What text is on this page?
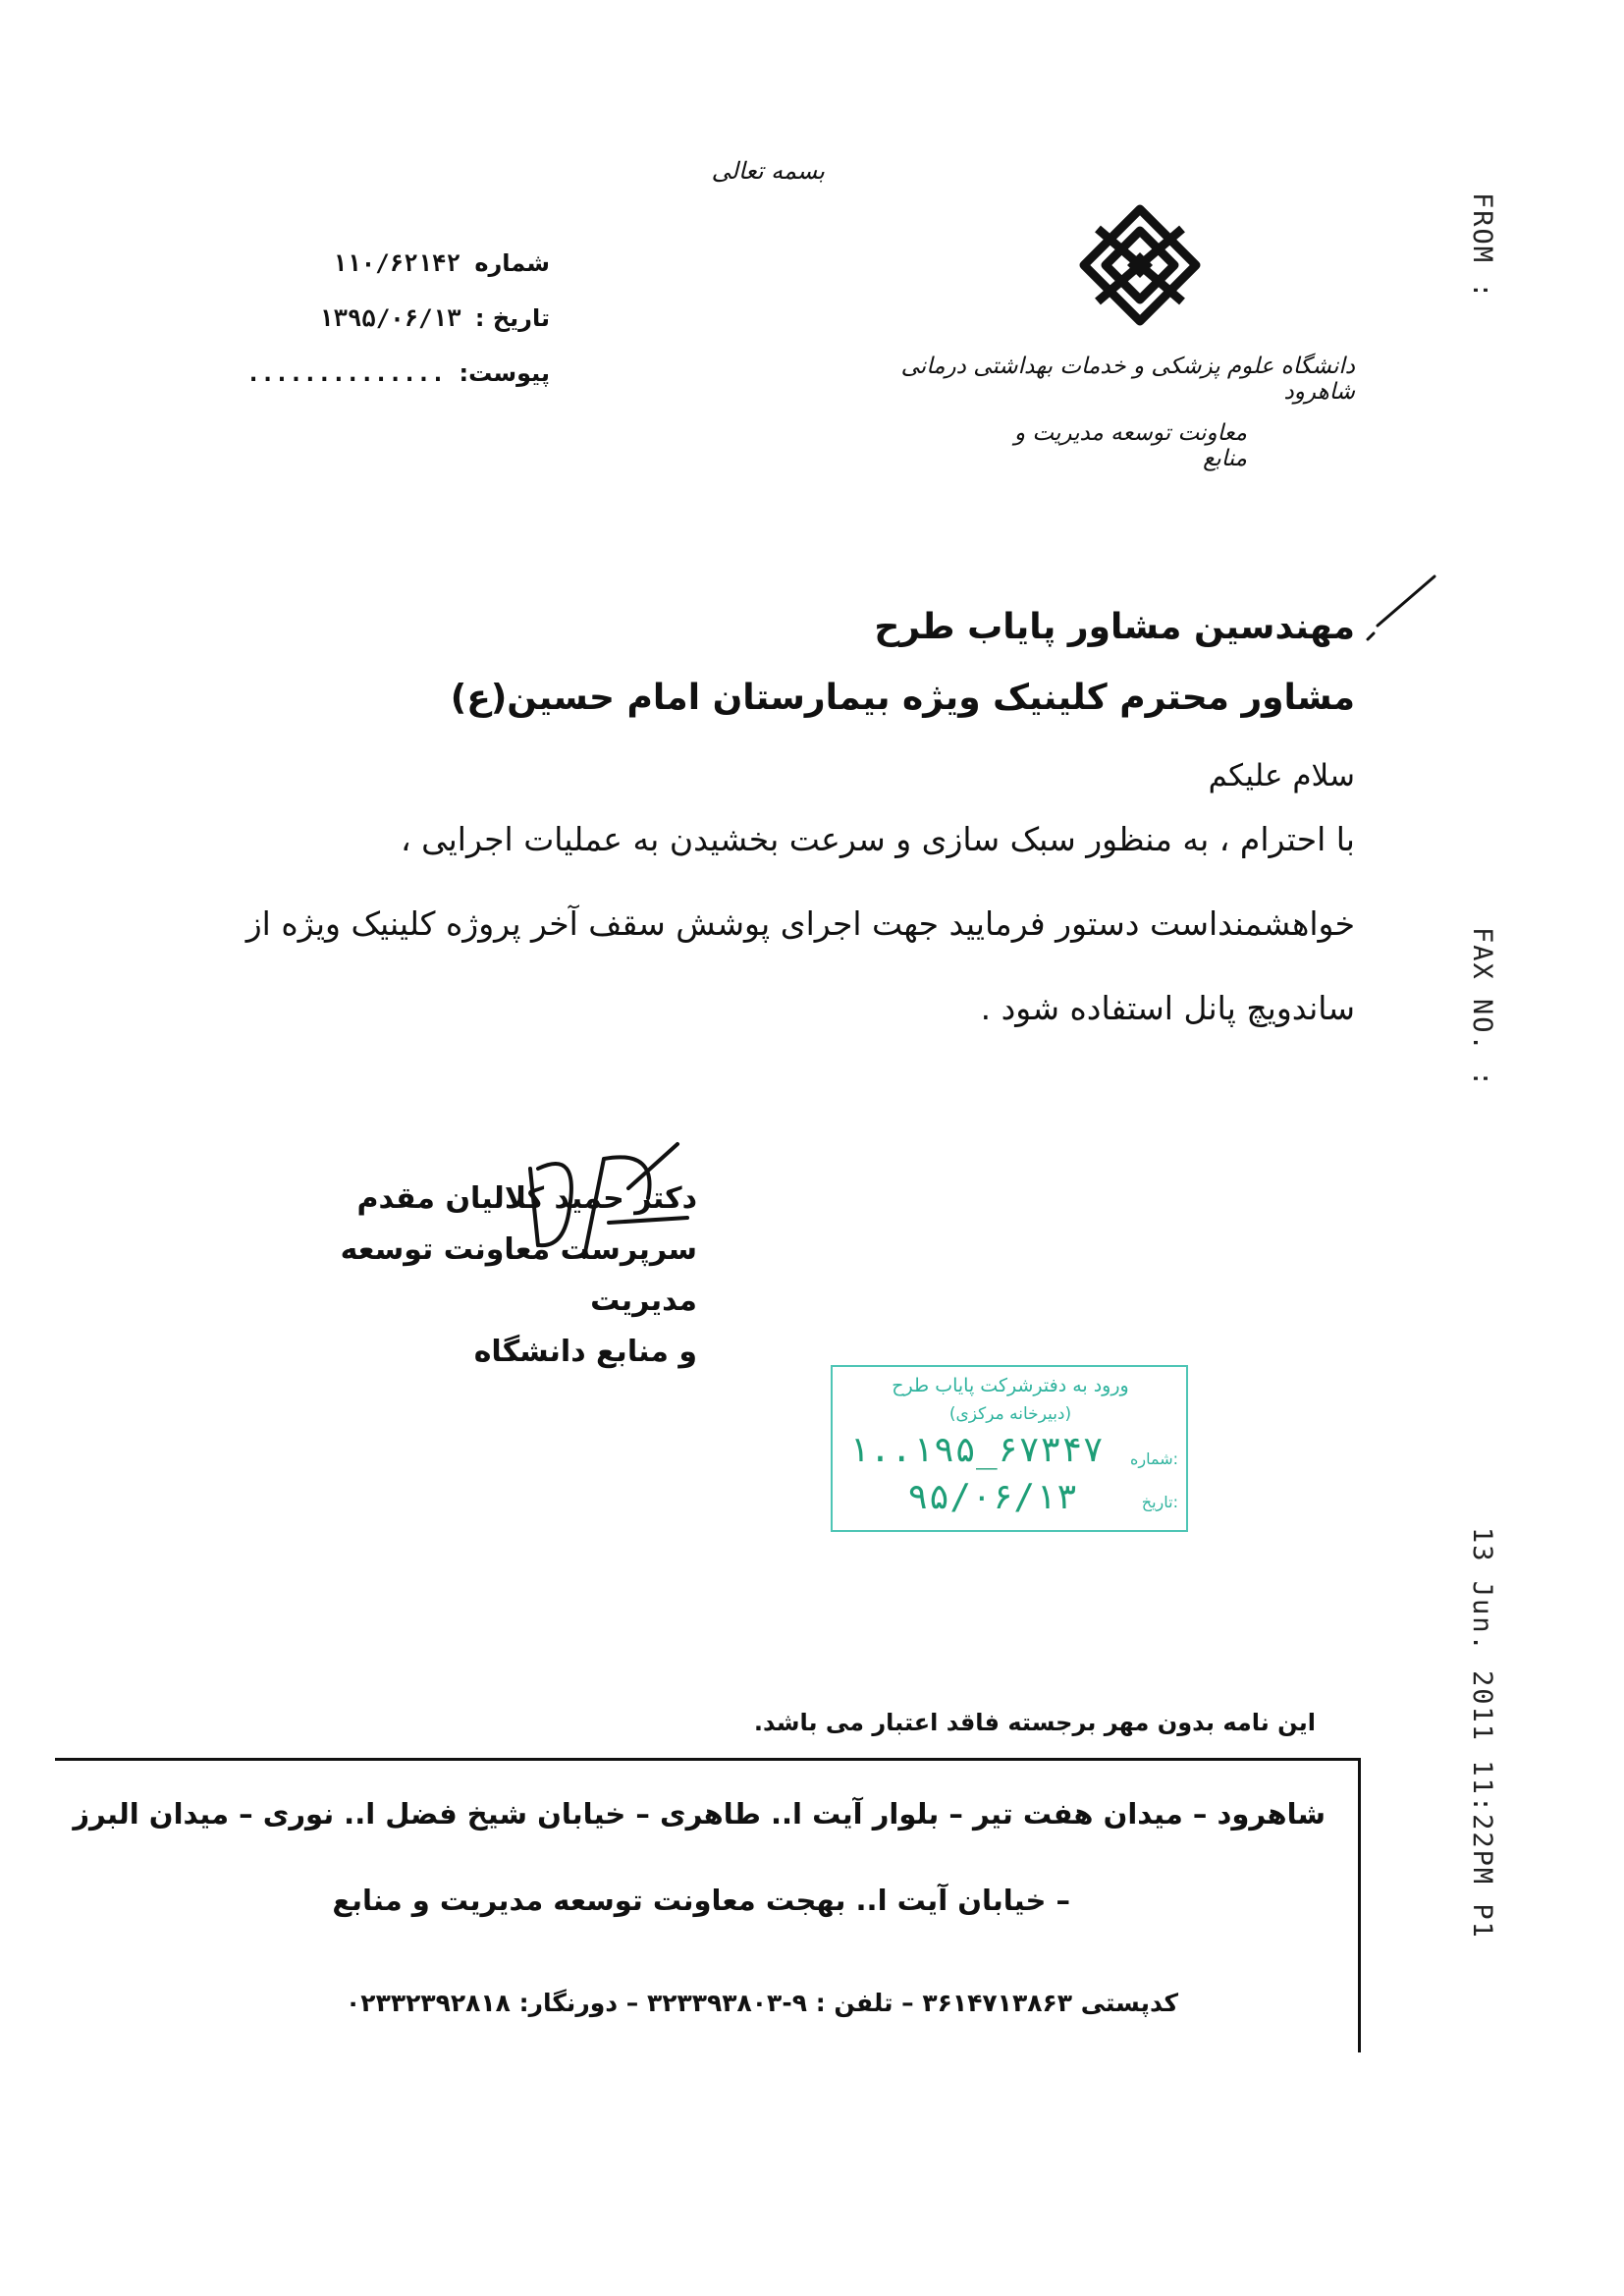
بسمه تعالی
شماره ۱۱۰/۶۲۱۴۲
تاریخ : ۱۳۹۵/۰۶/۱۳
پیوست: ..............	دانشگاه علوم پزشکی و خدمات بهداشتی درمانی شاهرود
معاونت توسعه مدیریت و منابع
FROM :
FAX NO. :
13 Jun. 2011 11:22PM P1
مهندسین مشاور پایاب طرح
مشاور محترم کلینیک ویژه بیمارستان امام حسین(ع)
سلام علیکم
با احترام ، به منظور سبک سازی و سرعت بخشیدن به عملیات اجرایی ، خواهشمنداست دستور فرمایید جهت اجرای پوشش سقف آخر پروژه کلینیک ویژه از ساندویچ پانل استفاده شود .
دکتر حمید کلالیان مقدم
سرپرست معاونت توسعه مدیریت
و منابع دانشگاه
ورود به دفترشرکت پایاب طرح
(دبیرخانه مرکزی)
شماره:
۱..۱۹۵_۶۷۳۴۷
تاریخ:
۹۵/۰۶/۱۳
این نامه بدون مهر برجسته فاقد اعتبار می باشد.
شاهرود – میدان هفت تیر – بلوار آیت ا.. طاهری – خیابان شیخ فضل ا.. نوری – میدان البرز
– خیابان آیت ا.. بهجت معاونت توسعه مدیریت و منابع
کدپستی ۳۶۱۴۷۱۳۸۶۳ – تلفن : ۹-۳۲۳۳۹۳۸۰۳ – دورنگار: ۰۲۳۳۲۳۹۲۸۱۸
